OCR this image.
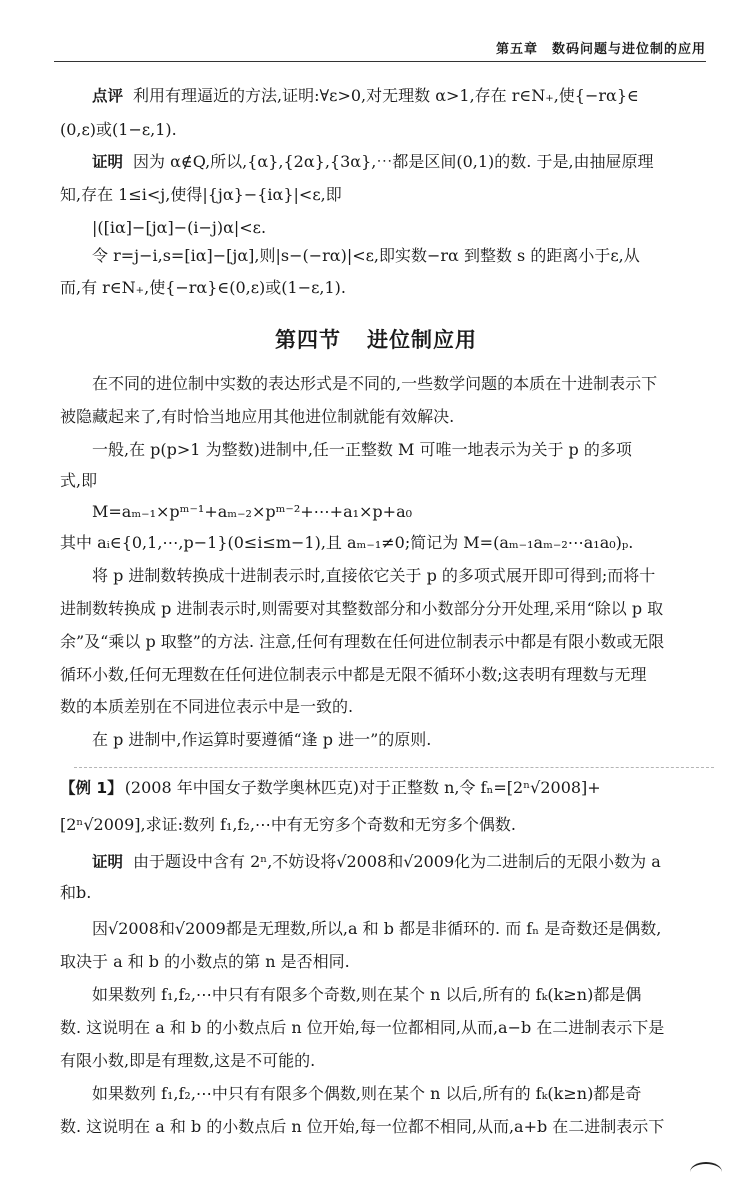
第五章　数码问题与进位制的应用
点评 利用有理逼近的方法,证明:∀ε>0,对无理数 α>1,存在 r∈N₊,使{−rα}∈
(0,ε)或(1−ε,1).
证明 因为 α∉Q,所以,{α},{2α},{3α},⋯都是区间(0,1)的数. 于是,由抽屉原理
知,存在 1≤i<j,使得|{jα}−{iα}|<ε,即
|([iα]−[jα]−(i−j)α|<ε.
令 r=j−i,s=[iα]−[jα],则|s−(−rα)|<ε,即实数−rα 到整数 s 的距离小于ε,从
而,有 r∈N₊,使{−rα}∈(0,ε)或(1−ε,1).
第四节 进位制应用
在不同的进位制中实数的表达形式是不同的,一些数学问题的本质在十进制表示下
被隐藏起来了,有时恰当地应用其他进位制就能有效解决.
一般,在 p(p>1 为整数)进制中,任一正整数 M 可唯一地表示为关于 p 的多项
式,即
M=aₘ₋₁×pᵐ⁻¹+aₘ₋₂×pᵐ⁻²+⋯+a₁×p+a₀
其中 aᵢ∈{0,1,⋯,p−1}(0≤i≤m−1),且 aₘ₋₁≠0;简记为 M=(aₘ₋₁aₘ₋₂⋯a₁a₀)ₚ.
将 p 进制数转换成十进制表示时,直接依它关于 p 的多项式展开即可得到;而将十
进制数转换成 p 进制表示时,则需要对其整数部分和小数部分分开处理,采用“除以 p 取
余”及“乘以 p 取整”的方法. 注意,任何有理数在任何进位制表示中都是有限小数或无限
循环小数,任何无理数在任何进位制表示中都是无限不循环小数;这表明有理数与无理
数的本质差别在不同进位表示中是一致的.
在 p 进制中,作运算时要遵循“逢 p 进一”的原则.
【例 1】 (2008 年中国女子数学奥林匹克)对于正整数 n,令 fₙ=[2ⁿ√2008]+
[2ⁿ√2009],求证:数列 f₁,f₂,⋯中有无穷多个奇数和无穷多个偶数.
证明 由于题设中含有 2ⁿ,不妨设将√2008和√2009化为二进制后的无限小数为 a
和b.
因√2008和√2009都是无理数,所以,a 和 b 都是非循环的. 而 fₙ 是奇数还是偶数,
取决于 a 和 b 的小数点的第 n 是否相同.
如果数列 f₁,f₂,⋯中只有有限多个奇数,则在某个 n 以后,所有的 fₖ(k≥n)都是偶
数. 这说明在 a 和 b 的小数点后 n 位开始,每一位都相同,从而,a−b 在二进制表示下是
有限小数,即是有理数,这是不可能的.
如果数列 f₁,f₂,⋯中只有有限多个偶数,则在某个 n 以后,所有的 fₖ(k≥n)都是奇
数. 这说明在 a 和 b 的小数点后 n 位开始,每一位都不相同,从而,a+b 在二进制表示下
